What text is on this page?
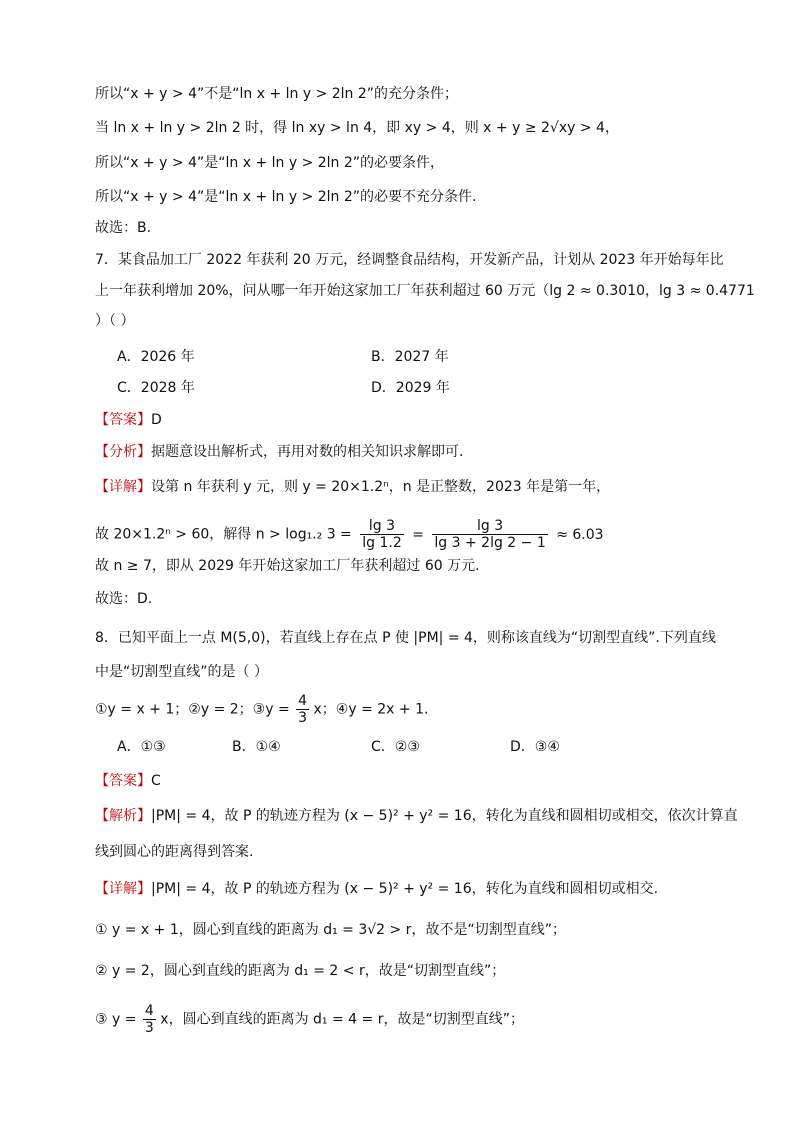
所以“x + y > 4”不是“ln x + ln y > 2ln 2”的充分条件；
当 ln x + ln y > 2ln 2 时，得 ln xy > ln 4，即 xy > 4，则 x + y ≥ 2√xy > 4，
所以“x + y > 4”是“ln x + ln y > 2ln 2”的必要条件，
所以“x + y > 4”是“ln x + ln y > 2ln 2”的必要不充分条件.
故选：B.
7．某食品加工厂 2022 年获利 20 万元，经调整食品结构，开发新产品，计划从 2023 年开始每年比
上一年获利增加 20%，问从哪一年开始这家加工厂年获利超过 60 万元（lg 2 ≈ 0.3010，lg 3 ≈ 0.4771
）（ ）
A．2026 年	B．2027 年
C．2028 年	D．2029 年
【答案】D
【分析】据题意设出解析式，再用对数的相关知识求解即可.
【详解】设第 n 年获利 y 元，则 y = 20×1.2ⁿ，n 是正整数，2023 年是第一年，
故 20×1.2ⁿ > 60，解得 n > log₁.₂ $3 = \frac{\lg 3}{\lg 1.2} = \frac{\lg 3}{\lg 3 + 2\lg 2 - 1} \approx 6.03$
故 n ≥ 7，即从 2029 年开始这家加工厂年获利超过 60 万元.
故选：D.
8．已知平面上一点 M(5,0)，若直线上存在点 P 使 |PM| = 4，则称该直线为“切割型直线”.下列直线
中是“切割型直线”的是（ ）
①y = x + 1；②y = 2；③y = $\frac{4}{3}$ x；④y = 2x + 1.
A．①③	B．①④	C．②③	D．③④
【答案】C
【解析】|PM| = 4，故 P 的轨迹方程为 (x − 5)² + y² = 16，转化为直线和圆相切或相交，依次计算直
线到圆心的距离得到答案.
【详解】|PM| = 4，故 P 的轨迹方程为 (x − 5)² + y² = 16，转化为直线和圆相切或相交.
① y = x + 1，圆心到直线的距离为 d₁ = 3√2 > r，故不是“切割型直线”；
② y = 2，圆心到直线的距离为 d₁ = 2 < r，故是“切割型直线”；
③ $y = \frac{4}{3}$ x，圆心到直线的距离为 d₁ = 4 = r，故是“切割型直线”；
